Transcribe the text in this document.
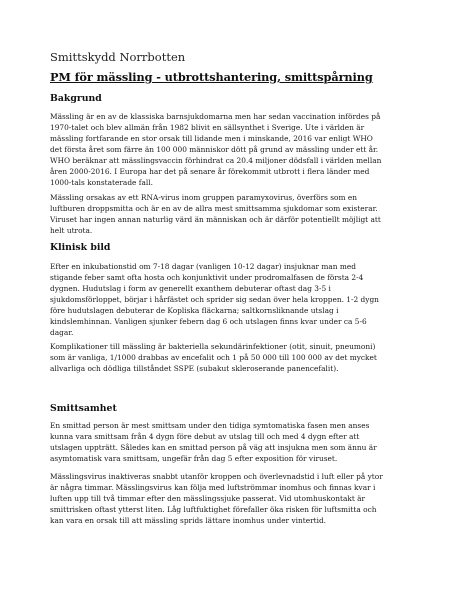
Smittskydd Norrbotten
PM för mässling - utbrottshantering, smittspårning
Bakgrund
Mässling är en av de klassiska barnsjukdomarna men har sedan vaccination infördes på
1970-talet och blev allmän från 1982 blivit en sällsynthet i Sverige. Ute i världen är
mässling fortfarande en stor orsak till lidande men i minskande, 2016 var enligt WHO
det första året som färre än 100 000 människor dött på grund av mässling under ett år.
WHO beräknar att mässlingsvaccin förhindrat ca 20.4 miljoner dödsfall i världen mellan
åren 2000-2016. I Europa har det på senare år förekommit utbrott i flera länder med
1000-tals konstaterade fall.
Mässling orsakas av ett RNA-virus inom gruppen paramyxovirus, överförs som en
luftburen droppsmitta och är en av de allra mest smittsamma sjukdomar som existerar.
Viruset har ingen annan naturlig värd än människan och är därför potentiellt möjligt att
helt utrota.
Klinisk bild
Efter en inkubationstid om 7-18 dagar (vanligen 10-12 dagar) insjuknar man med
stigande feber samt ofta hosta och konjunktivit under prodromalfasen de första 2-4
dygnen. Hudutslag i form av generellt exanthem debuterar oftast dag 3-5 i
sjukdomsförloppet, börjar i hårfästet och sprider sig sedan över hela kroppen. 1-2 dygn
före hudutslagen debuterar de Kopliska fläckarna; saltkornsliknande utslag i
kindslemhinnan. Vanligen sjunker febern dag 6 och utslagen finns kvar under ca 5-6
dagar.
Komplikationer till mässling är bakteriella sekundärinfektioner (otit, sinuit, pneumoni)
som är vanliga, 1/1000 drabbas av encefalit och 1 på 50 000 till 100 000 av det mycket
allvarliga och dödliga tillståndet SSPE (subakut skleroserande panencefalit).
Smittsamhet
En smittad person är mest smittsam under den tidiga symtomatiska fasen men anses
kunna vara smittsam från 4 dygn före debut av utslag till och med 4 dygn efter att
utslagen uppträtt. Således kan en smittad person på väg att insjukna men som ännu är
asymtomatisk vara smittsam, ungefär från dag 5 efter exposition för viruset.
Mässlingsvirus inaktiveras snabbt utanför kroppen och överlevnadstid i luft eller på ytor
är några timmar. Mässlingsvirus kan följa med luftströmmar inomhus och finnas kvar i
luften upp till två timmar efter den mässlingssjuke passerat. Vid utomhuskontakt är
smittrisken oftast ytterst liten. Låg luftfuktighet förefaller öka risken för luftsmitta och
kan vara en orsak till att mässling sprids lättare inomhus under vintertid.
